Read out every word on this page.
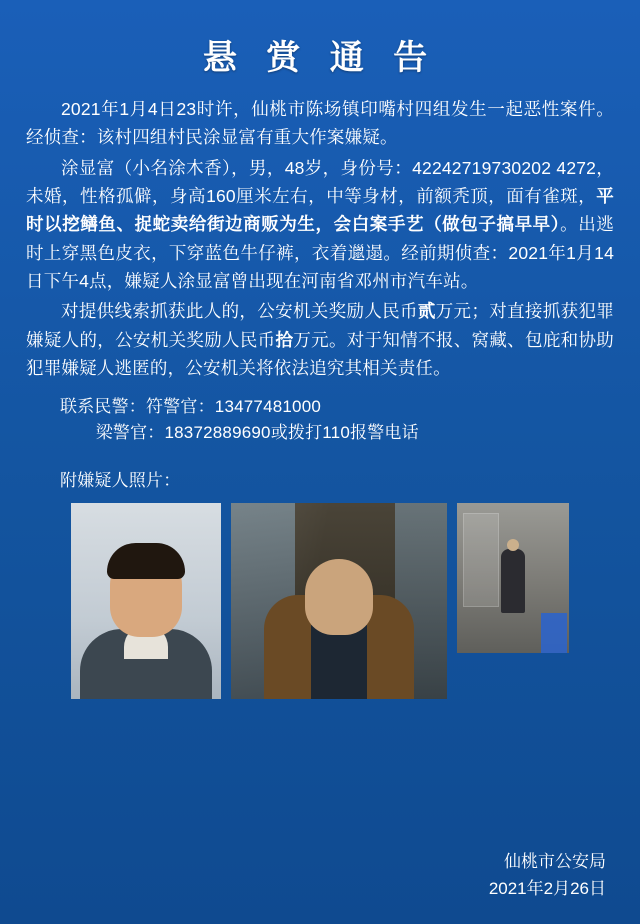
悬 赏 通 告

2021年1月4日23时许，仙桃市陈场镇印嘴村四组发生一起恶性案件。经侦查：该村四组村民涂显富有重大作案嫌疑。

涂显富（小名涂木香），男，48岁，身份号：42242719730202 4272，未婚，性格孤僻，身高160厘米左右，中等身材，前额秃顶，面有雀斑，平时以挖鳝鱼、捉蛇卖给街边商贩为生，会白案手艺（做包子搞早早）。出逃时上穿黑色皮衣，下穿蓝色牛仔裤，衣着邋遢。经前期侦查：2021年1月14日下午4点，嫌疑人涂显富曾出现在河南省邓州市汽车站。

对提供线索抓获此人的，公安机关奖励人民币贰万元；对直接抓获犯罪嫌疑人的，公安机关奖励人民币拾万元。对于知情不报、窝藏、包庇和协助犯罪嫌疑人逃匿的，公安机关将依法追究其相关责任。

联系民警：符警官：13477481000
梁警官：18372889690或拨打110报警电话
附嫌疑人照片：
仙桃市公安局
2021年2月26日
